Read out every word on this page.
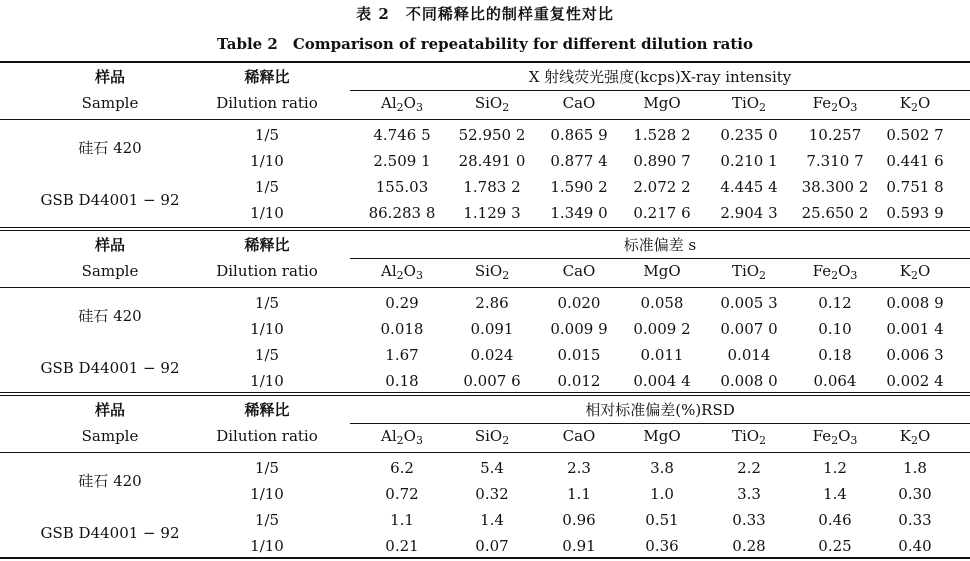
表 2　不同稀释比的制样重复性对比
Table 2　Comparison of repeatability for different dilution ratio
样品	稀释比	X 射线荧光强度(kcps)X-ray intensity
Sample	Dilution ratio	$Al_2O_3$	SiO$_2$	CaO	MgO	TiO$_2$	$Fe_2O_3$	$K_2O$
硅石 420
1/5	4.746 5	52.950 2	0.865 9	1.528 2	0.235 0	10.257	0.502 7
1/10	2.509 1	28.491 0	0.877 4	0.890 7	0.210 1	7.310 7	0.441 6
GSB D44001 − 92
1/5	155.03	1.783 2	1.590 2	2.072 2	4.445 4	38.300 2	0.751 8
1/10	86.283 8	1.129 3	1.349 0	0.217 6	2.904 3	25.650 2	0.593 9
样品	稀释比	标准偏差 s
Sample	Dilution ratio	$Al_2O_3$	SiO$_2$	CaO	MgO	TiO$_2$	$Fe_2O_3$	$K_2O$
硅石 420
1/5	0.29	2.86	0.020	0.058	0.005 3	0.12	0.008 9
1/10	0.018	0.091	0.009 9	0.009 2	0.007 0	0.10	0.001 4
GSB D44001 − 92
1/5	1.67	0.024	0.015	0.011	0.014	0.18	0.006 3
1/10	0.18	0.007 6	0.012	0.004 4	0.008 0	0.064	0.002 4
样品	稀释比	相对标准偏差(%)RSD
Sample	Dilution ratio	$Al_2O_3$	SiO$_2$	CaO	MgO	TiO$_2$	$Fe_2O_3$	$K_2O$
硅石 420
1/5	6.2	5.4	2.3	3.8	2.2	1.2	1.8
1/10	0.72	0.32	1.1	1.0	3.3	1.4	0.30
GSB D44001 − 92
1/5	1.1	1.4	0.96	0.51	0.33	0.46	0.33
1/10	0.21	0.07	0.91	0.36	0.28	0.25	0.40
